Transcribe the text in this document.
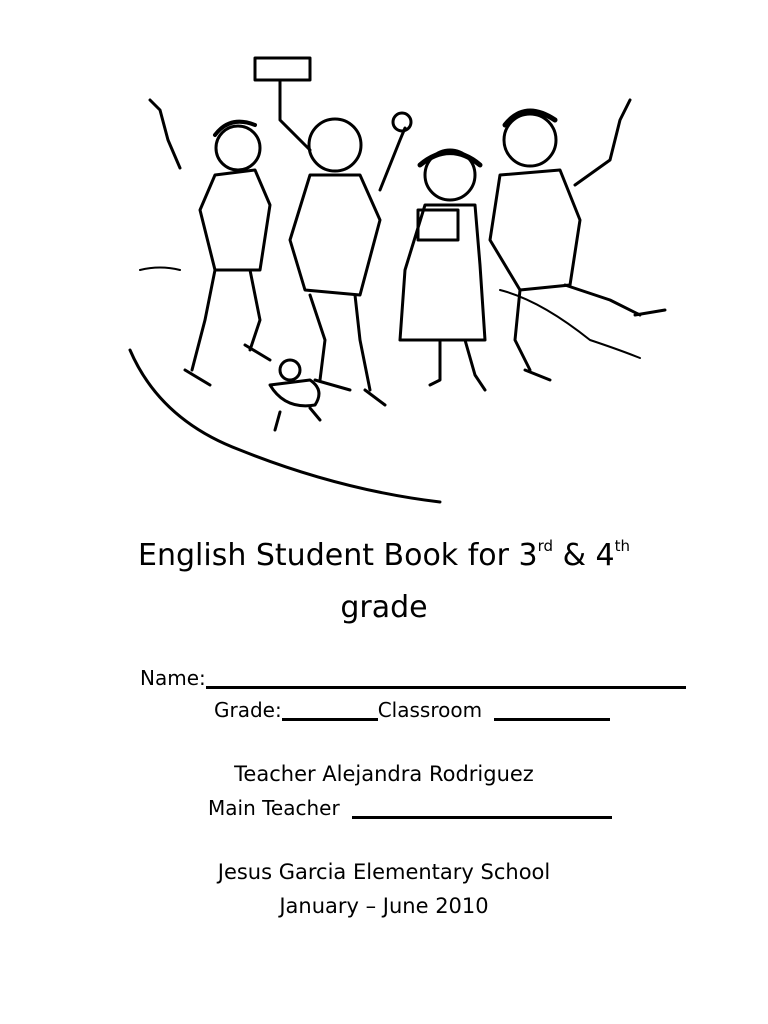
English Student Book for 3rd & 4th
grade
Name:
Grade:	Classroom
Teacher Alejandra Rodriguez
Main Teacher
Jesus Garcia Elementary School
January – June 2010
